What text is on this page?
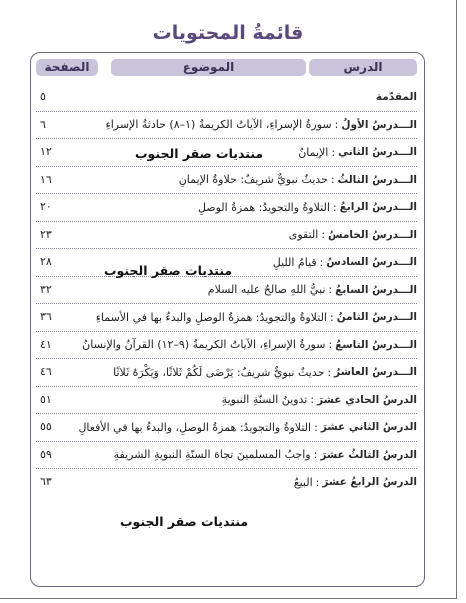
قائمةُ المحتويات
الصفحة	الموضوع	الدرس
المقدّمة
٥
الـــدرسُ الأولُ
:
سورةُ الإسراءِ، الآياتُ الكريمةُ (١–٨) حادثةُ الإسراءِ
٦
الـــدرسُ الثاني
:
الإيمانُ
١٢
الـــدرسُ الثالثُ
:
حديثٌ نبويٌّ شريفٌ: حلاوةُ الإيمانِ
١٦
الـــدرسُ الرابعُ
:
التلاوةُ والتجويدُ: همزةُ الوصلِ
٢٠
الـــدرسُ الخامسُ
:
التقوى
٢٣
الـــدرسُ السادسُ
:
قيامُ الليلِ
٢٨
الـــدرسُ السابعُ
:
نبيُّ اللهِ صالحٌ عليه السلام
٣٢
الـــدرسُ الثامنُ
:
التلاوةُ والتجويدُ: همزةُ الوصلِ والبدءُ بها في الأسماءِ
٣٦
الـــدرسُ التاسعُ
:
سورةُ الإسراءِ، الآياتُ الكريمةُ (٩–١٢) القرآنُ والإنسانُ
٤١
الـــدرسُ العاشرُ
:
حديثٌ نبويٌّ شريفٌ: يَرْضَى لَكُمْ ثَلاثًا، وَيَكْرَهُ ثَلاثًا
٤٦
الدرسُ الحادي عشرَ
:
تدوينُ السنّةِ النبويةِ
٥١
الدرسُ الثاني عشرَ
:
التلاوةُ والتجويدُ: همزةُ الوصلِ، والبدءُ بها في الأفعالِ
٥٥
الدرسُ الثالثُ عشرَ
:
واجبُ المسلمينَ تجاهَ السنّةِ النبويةِ الشريفةِ
٥٩
الدرسُ الرابعُ عشرَ
:
البيعُ
٦٣
منتديات صقر الجنوب
منتديات صقر الجنوب
منتديات صقر الجنوب
